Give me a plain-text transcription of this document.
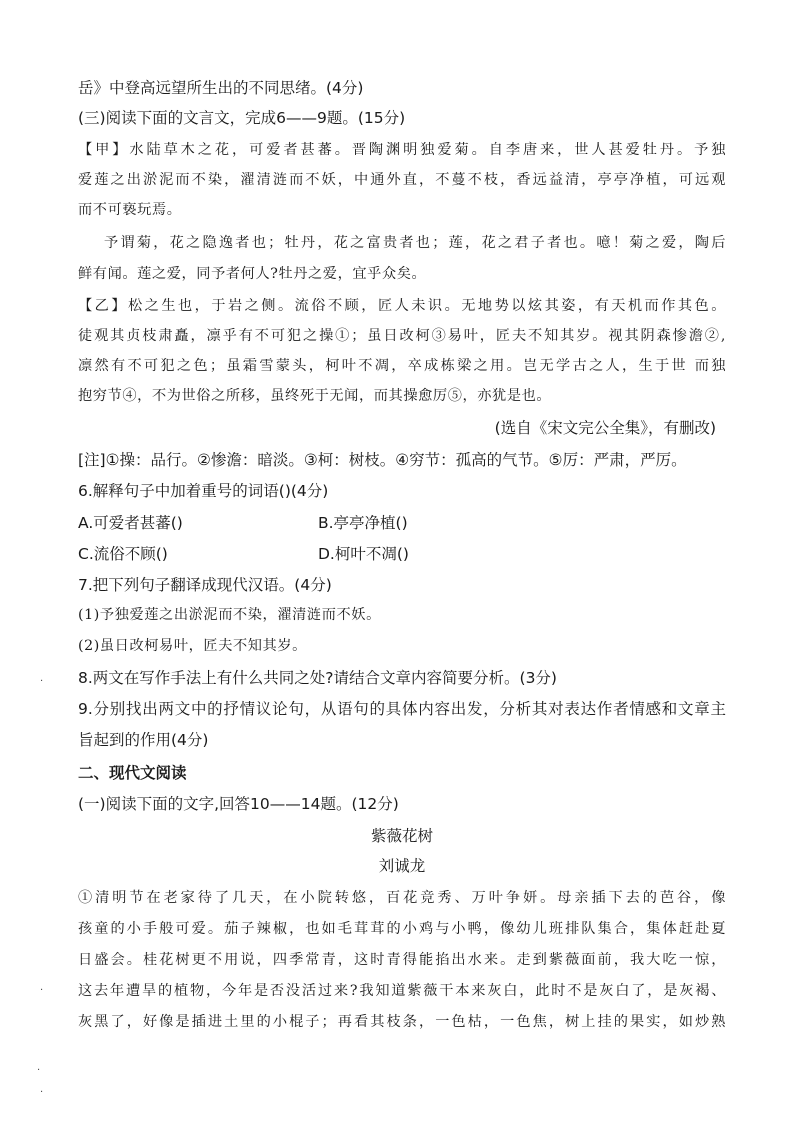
岳》中登高远望所生出的不同思绪。(4分)
(三)阅读下面的文言文，完成6——9题。(15分)
【甲】水陆草木之花，可爱者甚蕃。晋陶渊明独爱菊。自李唐来，世人甚爱牡丹。予独
爱莲之出淤泥而不染，濯清涟而不妖，中通外直，不蔓不枝，香远益清，亭亭净植，可远观
而不可亵玩焉。
予谓菊，花之隐逸者也；牡丹，花之富贵者也；莲，花之君子者也。噫！菊之爱，陶后
鲜有闻。莲之爱，同予者何人?牡丹之爱，宜乎众矣。
【乙】松之生也，于岩之侧。流俗不顾，匠人未识。无地势以炫其姿，有天机而作其色。
徒观其贞枝肃矗，凛乎有不可犯之操①；虽日改柯③易叶，匠夫不知其岁。视其阴森惨澹②,
凛然有不可犯之色；虽霜雪蒙头，柯叶不凋，卒成栋梁之用。岂无学古之人，生于世 而独
抱穷节④，不为世俗之所移，虽终死于无闻，而其操愈厉⑤，亦犹是也。
(选自《宋文完公全集》，有删改)
[注]①操：品行。②惨澹：暗淡。③柯：树枝。④穷节：孤高的气节。⑤厉：严肃，严厉。
6.解释句子中加着重号的词语()(4分)
A.可爱者甚蕃()	B.亭亭净植()
C.流俗不顾()	D.柯叶不凋()
7.把下列句子翻译成现代汉语。(4分)
(1)予独爱莲之出淤泥而不染，濯清涟而不妖。
(2)虽日改柯易叶，匠夫不知其岁。
8.两文在写作手法上有什么共同之处?请结合文章内容简要分析。(3分)
9.分别找出两文中的抒情议论句，从语句的具体内容出发，分析其对表达作者情感和文章主
旨起到的作用(4分)
二、现代文阅读
(一)阅读下面的文字,回答10——14题。(12分)
紫薇花树
刘诚龙
①清明节在老家待了几天，在小院转悠，百花竞秀、万叶争妍。母亲插下去的芭谷，像
孩童的小手般可爱。茄子辣椒，也如毛茸茸的小鸡与小鸭，像幼儿班排队集合，集体赶赴夏
日盛会。桂花树更不用说，四季常青，这时青得能掐出水来。走到紫薇面前，我大吃一惊，
这去年遭旱的植物，今年是否没活过来?我知道紫薇干本来灰白，此时不是灰白了，是灰褐、
灰黑了，好像是插进土里的小棍子；再看其枝条，一色枯，一色焦，树上挂的果实，如炒熟
·
·
·
·
